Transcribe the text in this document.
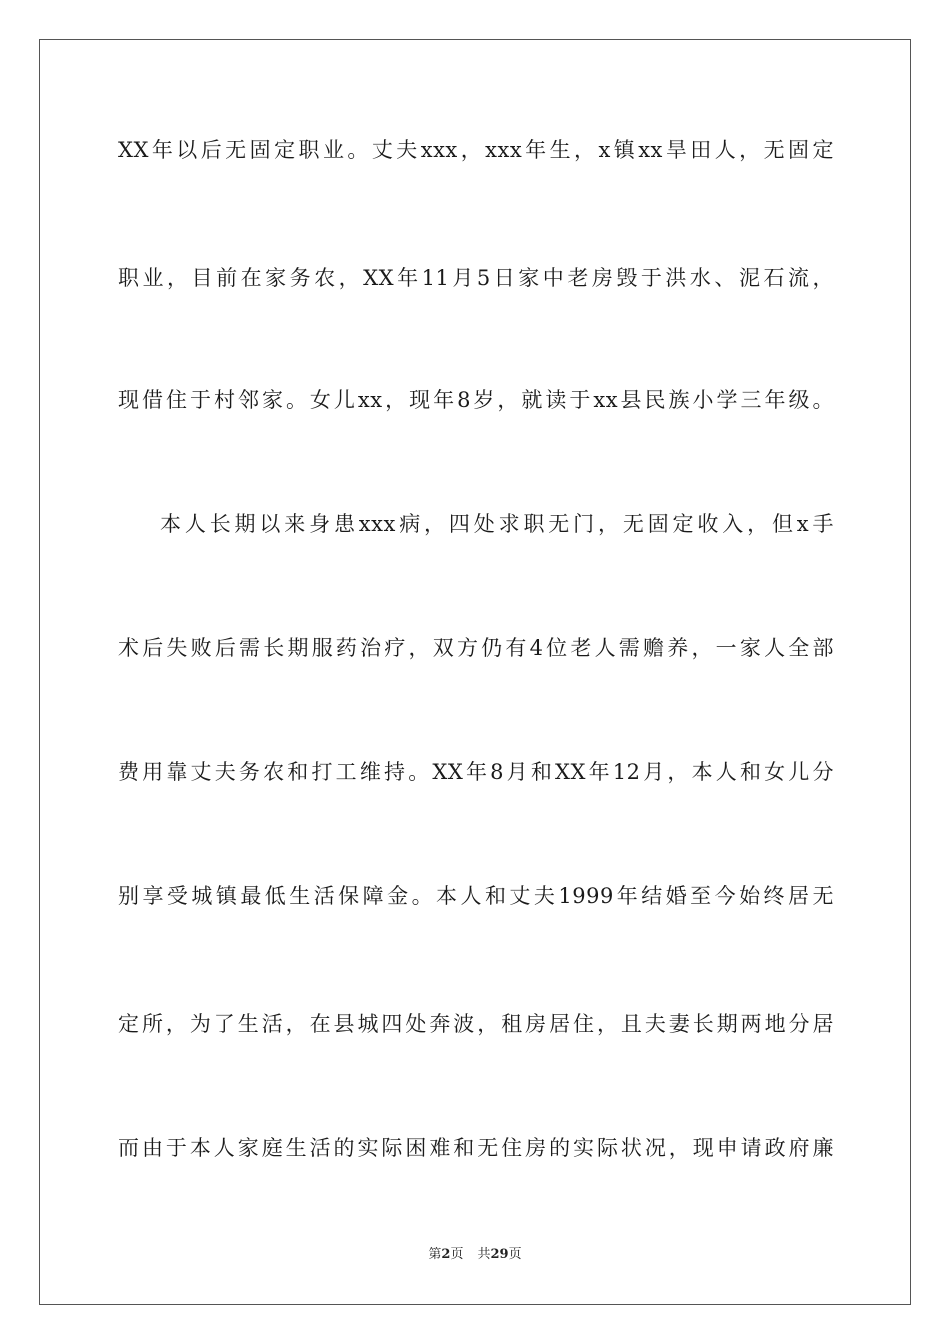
XX年以后无固定职业。丈夫xxx，xxx年生，x镇xx旱田人，无固定
职业，目前在家务农，XX年11月5日家中老房毁于洪水、泥石流，
现借住于村邻家。女儿xx，现年8岁，就读于xx县民族小学三年级。
本人长期以来身患xxx病，四处求职无门，无固定收入，但x手
术后失败后需长期服药治疗，双方仍有4位老人需赡养，一家人全部
费用靠丈夫务农和打工维持。XX年8月和XX年12月，本人和女儿分
别享受城镇最低生活保障金。本人和丈夫1999年结婚至今始终居无
定所，为了生活，在县城四处奔波，租房居住，且夫妻长期两地分居
而由于本人家庭生活的实际困难和无住房的实际状况，现申请政府廉
第2页 共29页
